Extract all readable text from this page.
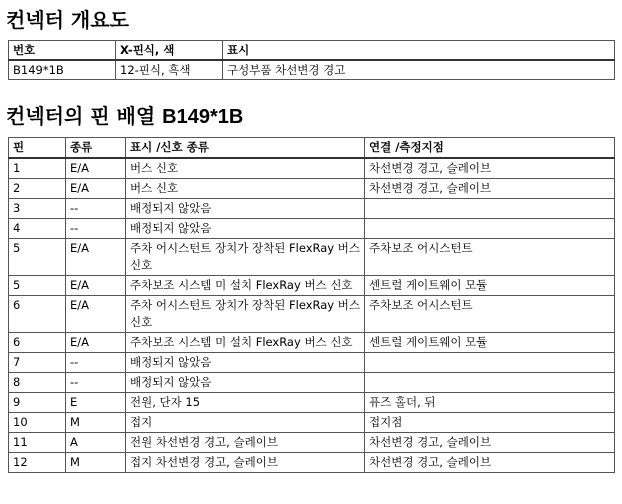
컨넥터 개요도
번호	X-핀식, 색	표시
B149*1B	12-핀식, 흑색	구성부품 차선변경 경고
컨넥터의 핀 배열 B149*1B
핀	종류	표시 /신호 종류	연결 /측정지점
1	E/A	버스 신호	차선변경 경고, 슬레이브
2	E/A	버스 신호	차선변경 경고, 슬레이브
3	--	배정되지 않았음	
4	--	배정되지 않았음	
5	E/A	주차 어시스턴트 장치가 장착된 FlexRay 버스 신호	주차보조 어시스턴트
5	E/A	주차보조 시스템 미 설치 FlexRay 버스 신호	센트럴 게이트웨이 모듈
6	E/A	주차 어시스턴트 장치가 장착된 FlexRay 버스 신호	주차보조 어시스턴트
6	E/A	주차보조 시스템 미 설치 FlexRay 버스 신호	센트럴 게이트웨이 모듈
7	--	배정되지 않았음	
8	--	배정되지 않았음	
9	E	전원, 단자 15	퓨즈 홀더, 뒤
10	M	접지	접지점
11	A	전원 차선변경 경고, 슬레이브	차선변경 경고, 슬레이브
12	M	접지 차선변경 경고, 슬레이브	차선변경 경고, 슬레이브
